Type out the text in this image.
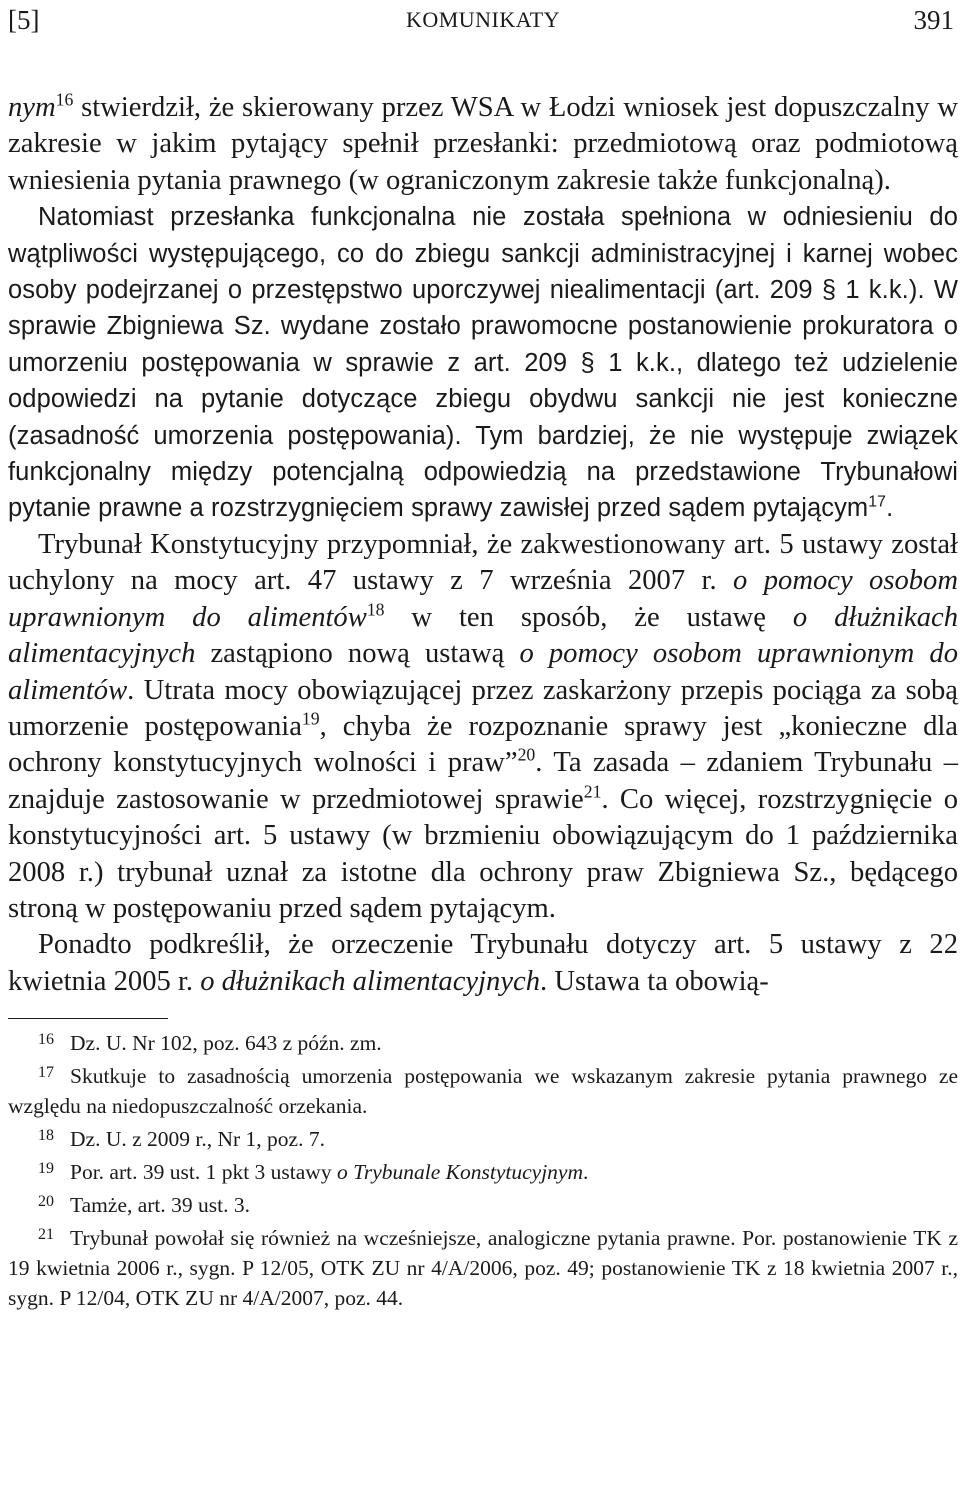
[5]	KOMUNIKATY	391

nym$^{16}$ stwierdził, że skierowany przez WSA w Łodzi wniosek jest dopuszczalny w zakresie w jakim pytający spełnił przesłanki: przedmiotową oraz podmiotową wniesienia pytania prawnego (w ograniczonym zakresie także funkcjonalną).

Natomiast przesłanka funkcjonalna nie została spełniona w odniesieniu do wątpliwości występującego, co do zbiegu sankcji administracyjnej i karnej wobec osoby podejrzanej o przestępstwo uporczywej niealimentacji (art. 209 § 1 k.k.). W sprawie Zbigniewa Sz. wydane zostało prawomocne postanowienie prokuratora o umorzeniu postępowania w sprawie z art. 209 § 1 k.k., dlatego też udzielenie odpowiedzi na pytanie dotyczące zbiegu obydwu sankcji nie jest konieczne (zasadność umorzenia postępowania). Tym bardziej, że nie występuje związek funkcjonalny między potencjalną odpowiedzią na przedstawione Trybunałowi pytanie prawne a rozstrzygnięciem sprawy zawisłej przed sądem pytającym$^{17}$.

Trybunał Konstytucyjny przypomniał, że zakwestionowany art. 5 ustawy został uchylony na mocy art. 47 ustawy z 7 września 2007 r. o pomocy osobom uprawnionym do alimentów$^{18}$ w ten sposób, że ustawę o dłużnikach alimentacyjnych zastąpiono nową ustawą o pomocy osobom uprawnionym do alimentów. Utrata mocy obowiązującej przez zaskarżony przepis pociąga za sobą umorzenie postępowania$^{19}$, chyba że rozpoznanie sprawy jest „konieczne dla ochrony konstytucyjnych wolności i praw”$^{20}$. Ta zasada – zdaniem Trybunału – znajduje zastosowanie w przedmiotowej sprawie$^{21}$. Co więcej, rozstrzygnięcie o konstytucyjności art. 5 ustawy (w brzmieniu obowiązującym do 1 października 2008 r.) trybunał uznał za istotne dla ochrony praw Zbigniewa Sz., będącego stroną w postępowaniu przed sądem pytającym.

Ponadto podkreślił, że orzeczenie Trybunału dotyczy art. 5 ustawy z 22 kwietnia 2005 r. o dłużnikach alimentacyjnych. Ustawa ta obowią-

16 Dz. U. Nr 102, poz. 643 z późn. zm.

17 Skutkuje to zasadnością umorzenia postępowania we wskazanym zakresie pytania prawnego ze względu na niedopuszczalność orzekania.

18 Dz. U. z 2009 r., Nr 1, poz. 7.

19 Por. art. 39 ust. 1 pkt 3 ustawy o Trybunale Konstytucyjnym.

20 Tamże, art. 39 ust. 3.

21 Trybunał powołał się również na wcześniejsze, analogiczne pytania prawne. Por. postanowienie TK z 19 kwietnia 2006 r., sygn. P 12/05, OTK ZU nr 4/A/2006, poz. 49; postanowienie TK z 18 kwietnia 2007 r., sygn. P 12/04, OTK ZU nr 4/A/2007, poz. 44.
